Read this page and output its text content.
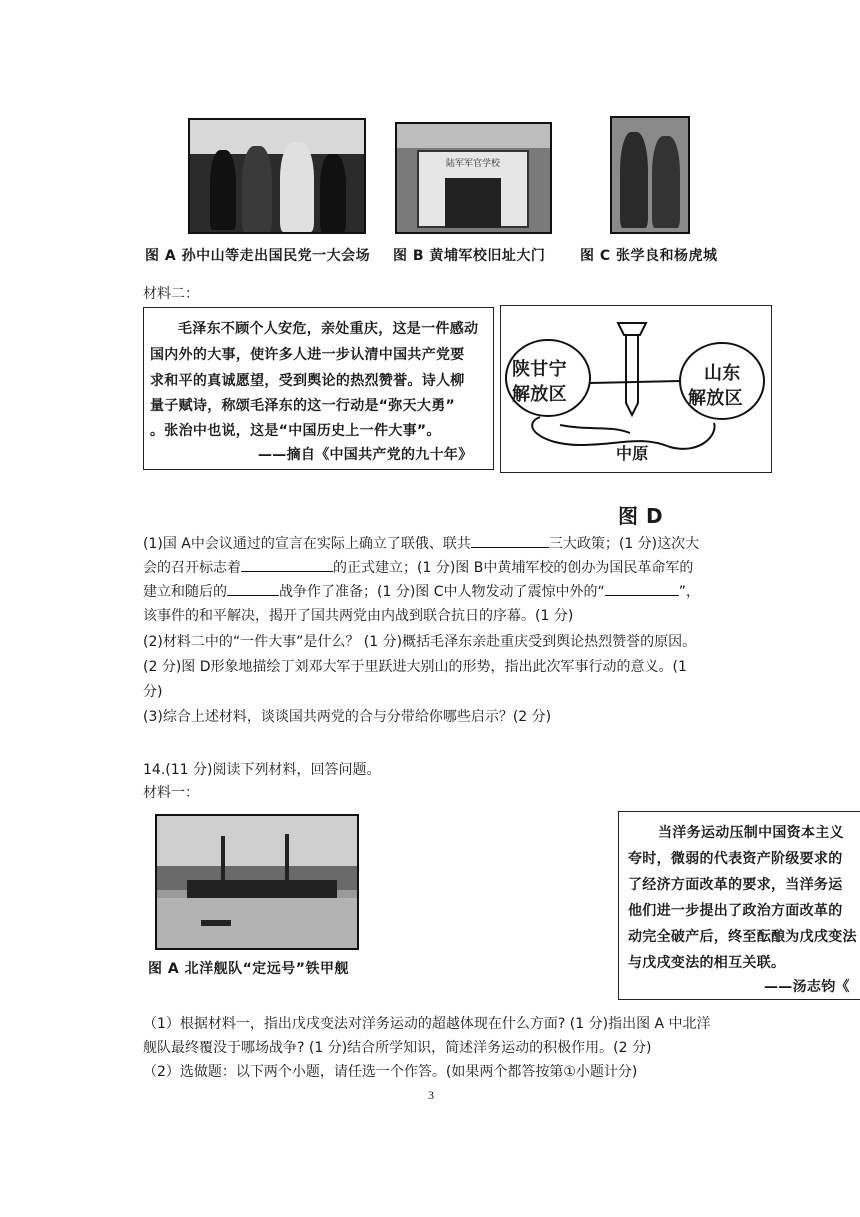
陆军军官学校
图 A 孙中山等走出国民党一大会场 图 B 黄埔军校旧址大门 图 C 张学良和杨虎城
材料二：
毛泽东不顾个人安危，亲处重庆，这是一件感动
国内外的大事，使许多人进一步认清中国共产党要
求和平的真诚愿望，受到舆论的热烈赞誉。诗人柳
量子赋诗，称颂毛泽东的这一行动是“弥天大勇”
。张治中也说，这是“中国历史上一件大事”。
——摘自《中国共产党的九十年》
陕甘宁
解放区
山东
解放区
中原
图 D
(1)国 A中会议通过的宣言在实际上确立了联俄、联共	三大政策；(1 分)这次大
会的召开标志着	的正式建立；(1 分)图 B中黄埔军校的创办为国民革命军的
建立和随后的	战争作了准备；(1 分)图 C中人物发动了震惊中外的“	”，
该事件的和平解决，揭开了国共两党由内战到联合抗日的序幕。(1 分)
(2)材料二中的“一件大事”是什么？ (1 分)概括毛泽东亲赴重庆受到舆论热烈赞誉的原因。
(2 分)图 D形象地描绘丁刘邓大军于里跃进大别山的形势，指出此次军事行动的意义。(1
分)
(3)综合上述材料，谈谈国共两党的合与分带给你哪些启示？(2 分)
14.(11 分)阅读下列材料，回答问题。
材料一：
图 A 北洋舰队“定远号”铁甲舰
当洋务运动压制中国资本主义
夸时，微弱的代表资产阶级要求的
了经济方面改革的要求，当洋务运
他们进一步提出了政治方面改革的
动完全破产后，终至酝酿为戊戌变法
与戊戌变法的相互关联。
——汤志钧《
（1）根据材料一，指出戊戌变法对洋务运动的超越体现在什么方面? (1 分)指出图 A 中北洋
舰队最终覆没于哪场战争? (1 分)结合所学知识，简述洋务运动的积极作用。(2 分)
（2）选做题：以下两个小题，请任选一个作答。(如果两个都答按第①小题计分)
3
